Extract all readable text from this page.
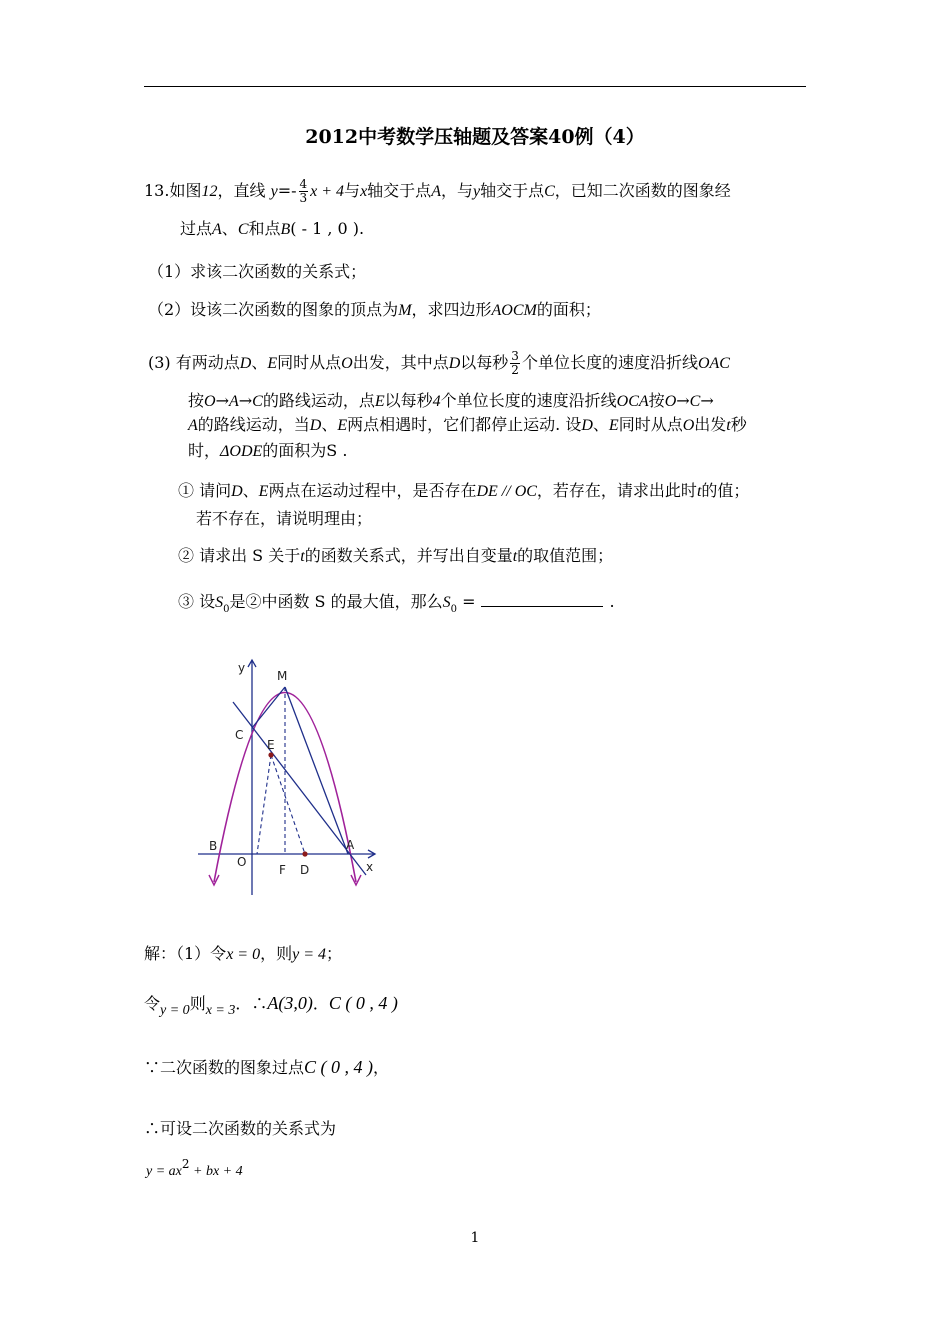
2012中考数学压轴题及答案40例（4）
13.如图12，直线 $y=- \frac{4}{3}$ x + 4与x轴交于点A，与y轴交于点C，已知二次函数的图象经
过点A、C和点B( - 1 , 0 ).
（1）求该二次函数的关系式；
（2）设该二次函数的图象的顶点为M，求四边形AOCM的面积；
(3) 有两动点D、E同时从点O出发，其中点D以每秒 $\frac{3}{2}$ 个单位长度的速度沿折线OAC
按O→A→C的路线运动，点E以每秒4个单位长度的速度沿折线OCA按O→C→
A的路线运动，当D、E两点相遇时，它们都停止运动. 设D、E同时从点O出发t秒
时，ΔODE的面积为S .
① 请问D、E两点在运动过程中，是否存在DE // OC，若存在，请求出此时t的值；
若不存在，请说明理由；
② 请求出 S 关于t的函数关系式，并写出自变量t的取值范围；
③ 设$S_0$是②中函数 S 的最大值，那么$S_0$ =	.
y
M
C
E
B
O
F D
A
x
解：（1）令x = 0，则y = 4；
令y = 0则x = 3．∴A(3,0)．C ( 0 , 4 )
∵二次函数的图象过点C ( 0 , 4 )，
∴可设二次函数的关系式为
y = ax2 + bx + 4
1
